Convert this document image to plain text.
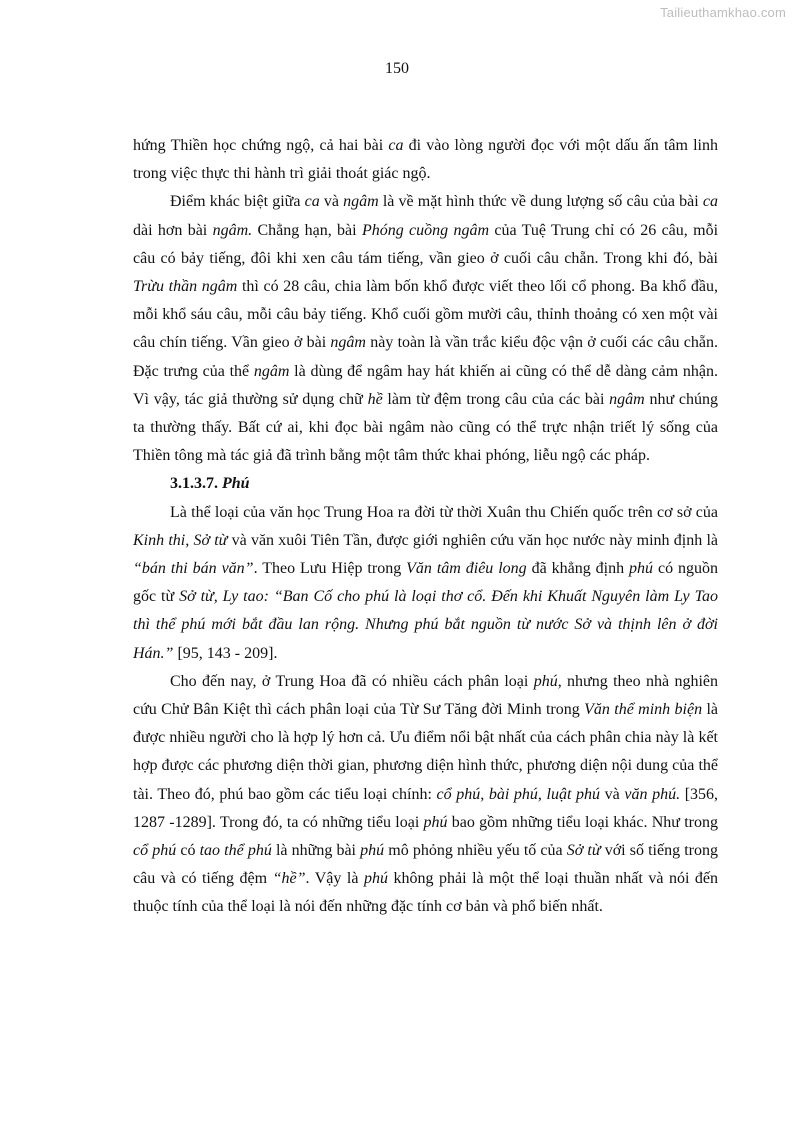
Tailieuthamkhao.com
150

hứng Thiền học chứng ngộ, cả hai bài ca đi vào lòng người đọc với một dấu ấn tâm linh trong việc thực thi hành trì giải thoát giác ngộ.

Điểm khác biệt giữa ca và ngâm là về mặt hình thức về dung lượng số câu của bài ca dài hơn bài ngâm. Chẳng hạn, bài Phóng cuồng ngâm của Tuệ Trung chỉ có 26 câu, mỗi câu có bảy tiếng, đôi khi xen câu tám tiếng, vần gieo ở cuối câu chẵn. Trong khi đó, bài Trừu thần ngâm thì có 28 câu, chia làm bốn khổ được viết theo lối cổ phong. Ba khổ đầu, mỗi khổ sáu câu, mỗi câu bảy tiếng. Khổ cuối gồm mười câu, thỉnh thoảng có xen một vài câu chín tiếng. Vần gieo ở bài ngâm này toàn là vần trắc kiểu độc vận ở cuối các câu chẵn. Đặc trưng của thể ngâm là dùng để ngâm hay hát khiến ai cũng có thể dễ dàng cảm nhận. Vì vậy, tác giả thường sử dụng chữ hề làm từ đệm trong câu của các bài ngâm như chúng ta thường thấy. Bất cứ ai, khi đọc bài ngâm nào cũng có thể trực nhận triết lý sống của Thiền tông mà tác giả đã trình bằng một tâm thức khai phóng, liễu ngộ các pháp.

3.1.3.7. Phú

Là thể loại của văn học Trung Hoa ra đời từ thời Xuân thu Chiến quốc trên cơ sở của Kinh thi, Sở từ và văn xuôi Tiên Tần, được giới nghiên cứu văn học nước này minh định là “bán thi bán văn”. Theo Lưu Hiệp trong Văn tâm điêu long đã khẳng định phú có nguồn gốc từ Sở từ, Ly tao: “Ban Cố cho phú là loại thơ cổ. Đến khi Khuất Nguyên làm Ly Tao thì thể phú mới bắt đầu lan rộng. Nhưng phú bắt nguồn từ nước Sở và thịnh lên ở đời Hán.” [95, 143 - 209].

Cho đến nay, ở Trung Hoa đã có nhiều cách phân loại phú, nhưng theo nhà nghiên cứu Chử Bân Kiệt thì cách phân loại của Từ Sư Tăng đời Minh trong Văn thể minh biện là được nhiều người cho là hợp lý hơn cả. Ưu điểm nổi bật nhất của cách phân chia này là kết hợp được các phương diện thời gian, phương diện hình thức, phương diện nội dung của thể tài. Theo đó, phú bao gồm các tiểu loại chính: cổ phú, bài phú, luật phú và văn phú. [356, 1287 -1289]. Trong đó, ta có những tiểu loại phú bao gồm những tiểu loại khác. Như trong cổ phú có tao thể phú là những bài phú mô phỏng nhiều yếu tố của Sở từ với số tiếng trong câu và có tiếng đệm “hề”. Vậy là phú không phải là một thể loại thuần nhất và nói đến thuộc tính của thể loại là nói đến những đặc tính cơ bản và phổ biến nhất.
